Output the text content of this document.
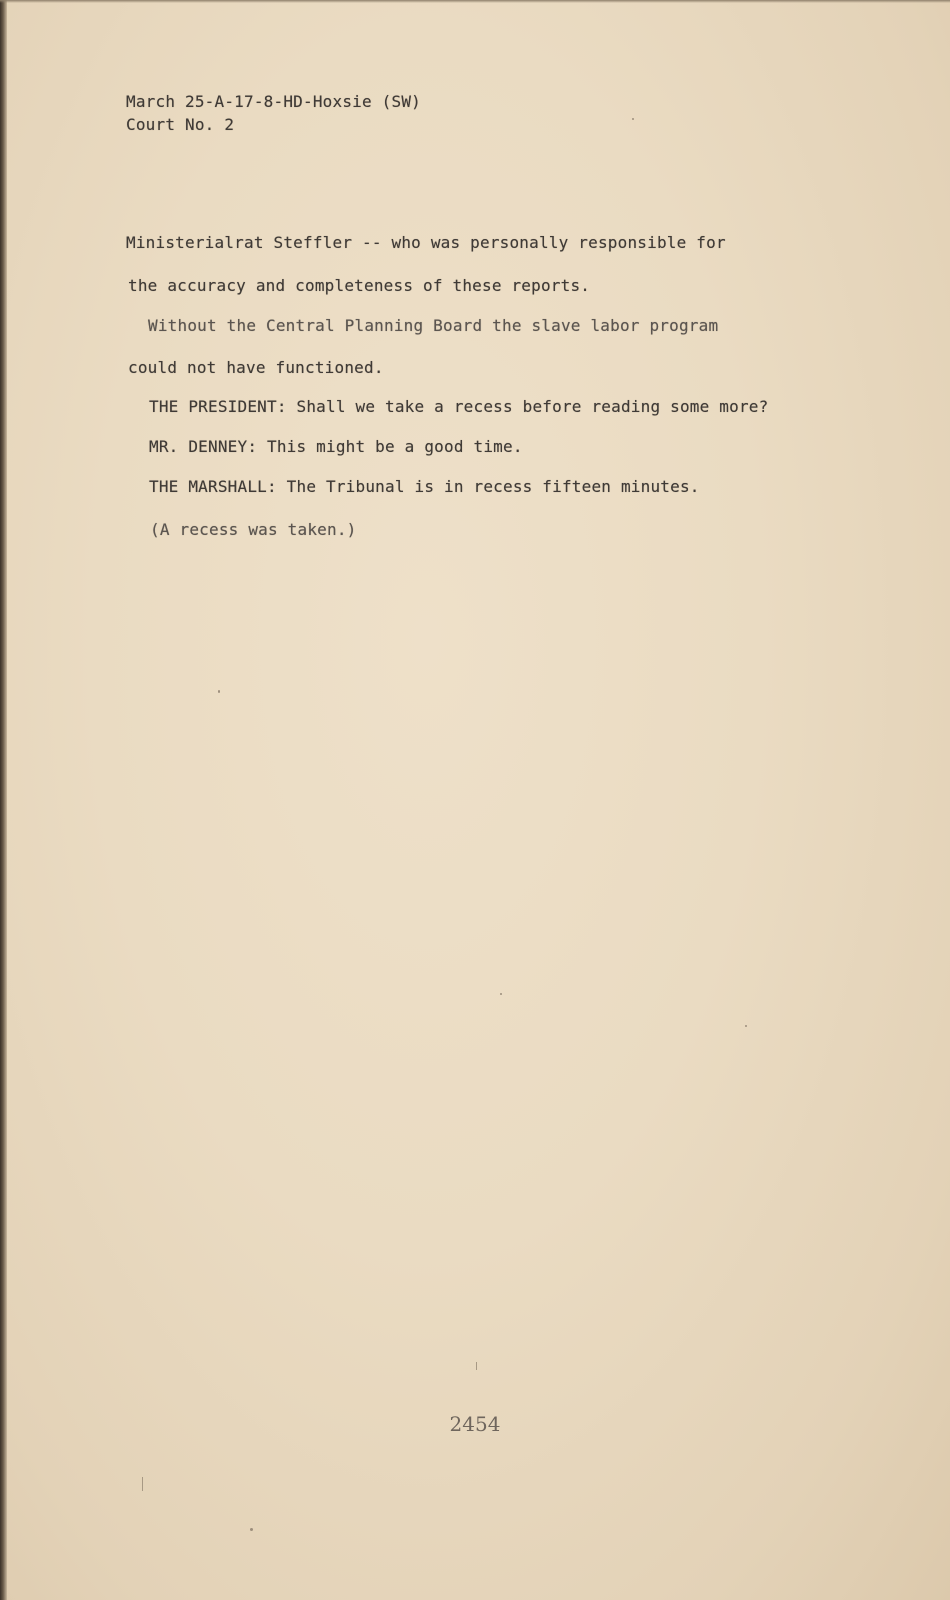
March 25-A-17-8-HD-Hoxsie (SW)

Court No. 2

Ministerialrat Steffler -- who was personally responsible for

the accuracy and completeness of these reports.

Without the Central Planning Board the slave labor program

could not have functioned.

THE PRESIDENT: Shall we take a recess before reading some more?

MR. DENNEY: This might be a good time.

THE MARSHALL: The Tribunal is in recess fifteen minutes.

(A recess was taken.)

2454
